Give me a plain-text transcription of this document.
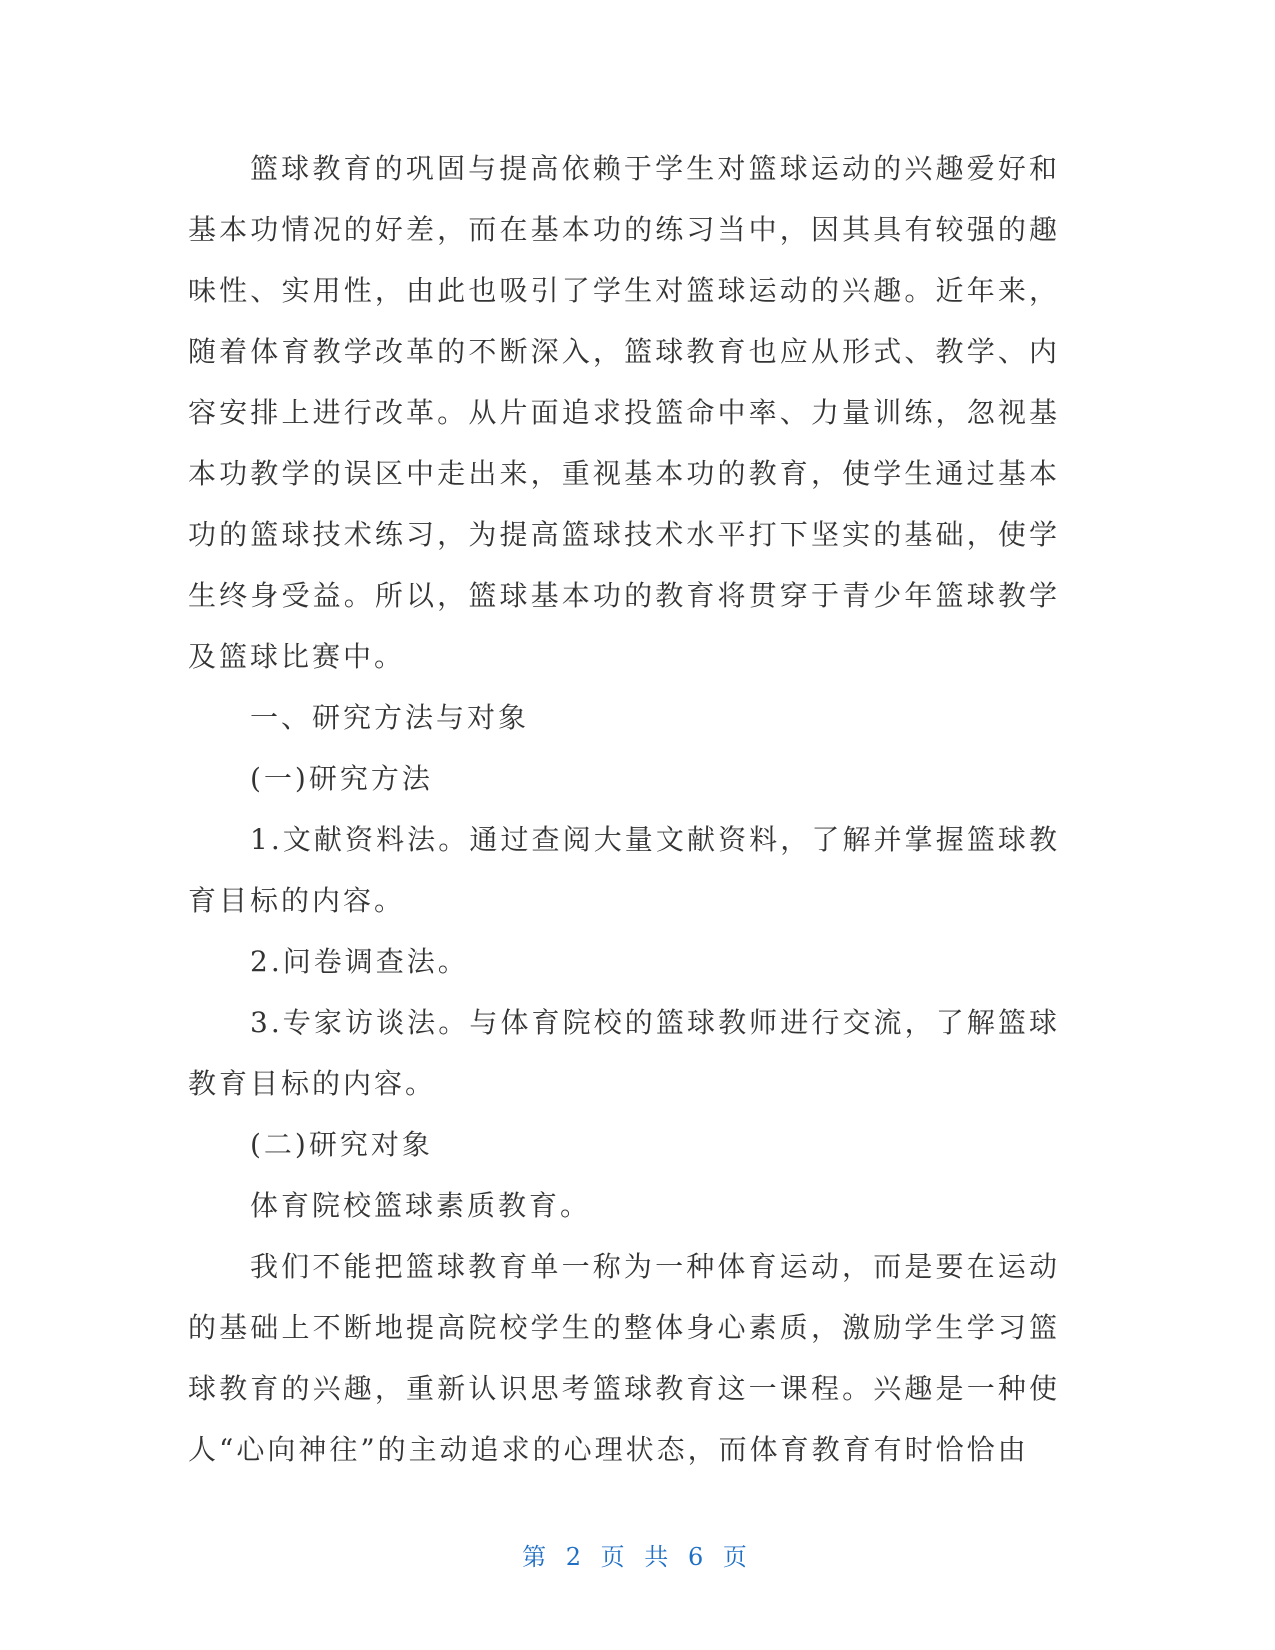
篮球教育的巩固与提高依赖于学生对篮球运动的兴趣爱好和基本功情况的好差，而在基本功的练习当中，因其具有较强的趣味性、实用性，由此也吸引了学生对篮球运动的兴趣。近年来，随着体育教学改革的不断深入，篮球教育也应从形式、教学、内容安排上进行改革。从片面追求投篮命中率、力量训练，忽视基本功教学的误区中走出来，重视基本功的教育，使学生通过基本功的篮球技术练习，为提高篮球技术水平打下坚实的基础，使学生终身受益。所以，篮球基本功的教育将贯穿于青少年篮球教学及篮球比赛中。

一、研究方法与对象

(一)研究方法

1.文献资料法。通过查阅大量文献资料，了解并掌握篮球教育目标的内容。

2.问卷调查法。

3.专家访谈法。与体育院校的篮球教师进行交流，了解篮球教育目标的内容。

(二)研究对象

体育院校篮球素质教育。

我们不能把篮球教育单一称为一种体育运动，而是要在运动的基础上不断地提高院校学生的整体身心素质，激励学生学习篮球教育的兴趣，重新认识思考篮球教育这一课程。兴趣是一种使人“心向神往”的主动追求的心理状态，而体育教育有时恰恰由

第 2 页 共 6 页
